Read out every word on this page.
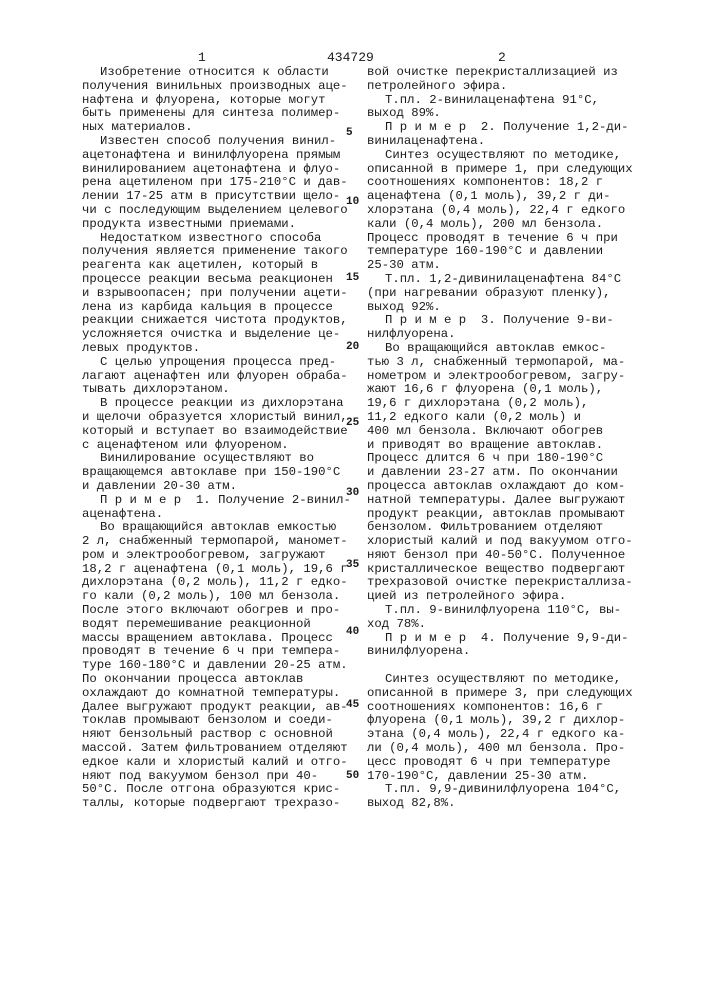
1	434729	2
Изобретение относится к области
получения винильных производных аце-
нафтена и флуорена, которые могут
быть применены для синтеза полимер-
ных материалов.
Известен способ получения винил-
ацетонафтена и винилфлуорена прямым
винилированием ацетонафтена и флуо-
рена ацетиленом при 175-210°С и дав-
лении 17-25 атм в присутствии щело-
чи с последующим выделением целевого
продукта известными приемами.
Недостатком известного способа
получения является применение такого
реагента как ацетилен, который в
процессе реакции весьма реакционен
и взрывоопасен; при получении ацети-
лена из карбида кальция в процессе
реакции снижается чистота продуктов,
усложняется очистка и выделение це-
левых продуктов.
С целью упрощения процесса пред-
лагают аценафтен или флуорен обраба-
тывать дихлорэтаном.
В процессе реакции из дихлорэтана
и щелочи образуется хлористый винил,
который и вступает во взаимодействие
с аценафтеном или флуореном.
Винилирование осуществляют во
вращающемся автоклаве при 150-190°С
и давлении 20-30 атм.
П р и м е р  1. Получение 2-винил-
аценафтена.
Во вращающийся автоклав емкостью
2 л, снабженный термопарой, маномет-
ром и электрообогревом, загружают
18,2 г аценафтена (0,1 моль), 19,6 г
дихлорэтана (0,2 моль), 11,2 г едко-
го кали (0,2 моль), 100 мл бензола.
После этого включают обогрев и про-
водят перемешивание реакционной
массы вращением автоклава. Процесс
проводят в течение 6 ч при темпера-
туре 160-180°С и давлении 20-25 атм.
По окончании процесса автоклав
охлаждают до комнатной температуры.
Далее выгружают продукт реакции, ав-
токлав промывают бензолом и соеди-
няют бензольный раствор с основной
массой. Затем фильтрованием отделяют
едкое кали и хлористый калий и отго-
няют под вакуумом бензол при 40-
50°С. После отгона образуются крис-
таллы, которые подвергают трехразо-
вой очистке перекристаллизацией из
петролейного эфира.
Т.пл. 2-винилаценафтена 91°С,
выход 89%.
П р и м е р  2. Получение 1,2-ди-
винилаценафтена.
Синтез осуществляют по методике,
описанной в примере 1, при следующих
соотношениях компонентов: 18,2 г
аценафтена (0,1 моль), 39,2 г ди-
хлорэтана (0,4 моль), 22,4 г едкого
кали (0,4 моль), 200 мл бензола.
Процесс проводят в течение 6 ч при
температуре 160-190°С и давлении
25-30 атм.
Т.пл. 1,2-дивинилаценафтена 84°С
(при нагревании образуют пленку),
выход 92%.
П р и м е р  3. Получение 9-ви-
нилфлуорена.
Во вращающийся автоклав емкос-
тью 3 л, снабженный термопарой, ма-
нометром и электрообогревом, загру-
жают 16,6 г флуорена (0,1 моль),
19,6 г дихлорэтана (0,2 моль),
11,2 едкого кали (0,2 моль) и
400 мл бензола. Включают обогрев
и приводят во вращение автоклав.
Процесс длится 6 ч при 180-190°С
и давлении 23-27 атм. По окончании
процесса автоклав охлаждают до ком-
натной температуры. Далее выгружают
продукт реакции, автоклав промывают
бензолом. Фильтрованием отделяют
хлористый калий и под вакуумом отго-
няют бензол при 40-50°С. Полученное
кристаллическое вещество подвергают
трехразовой очистке перекристаллиза-
цией из петролейного эфира.
Т.пл. 9-винилфлуорена 110°С, вы-
ход 78%.
П р и м е р  4. Получение 9,9-ди-
винилфлуорена.
Синтез осуществляют по методике,
описанной в примере 3, при следующих
соотношениях компонентов: 16,6 г
флуорена (0,1 моль), 39,2 г дихлор-
этана (0,4 моль), 22,4 г едкого ка-
ли (0,4 моль), 400 мл бензола. Про-
цесс проводят 6 ч при температуре
170-190°С, давлении 25-30 атм.
Т.пл. 9,9-дивинилфлуорена 104°С,
выход 82,8%.
5
10
15
20
25
30
35
40
45
50
